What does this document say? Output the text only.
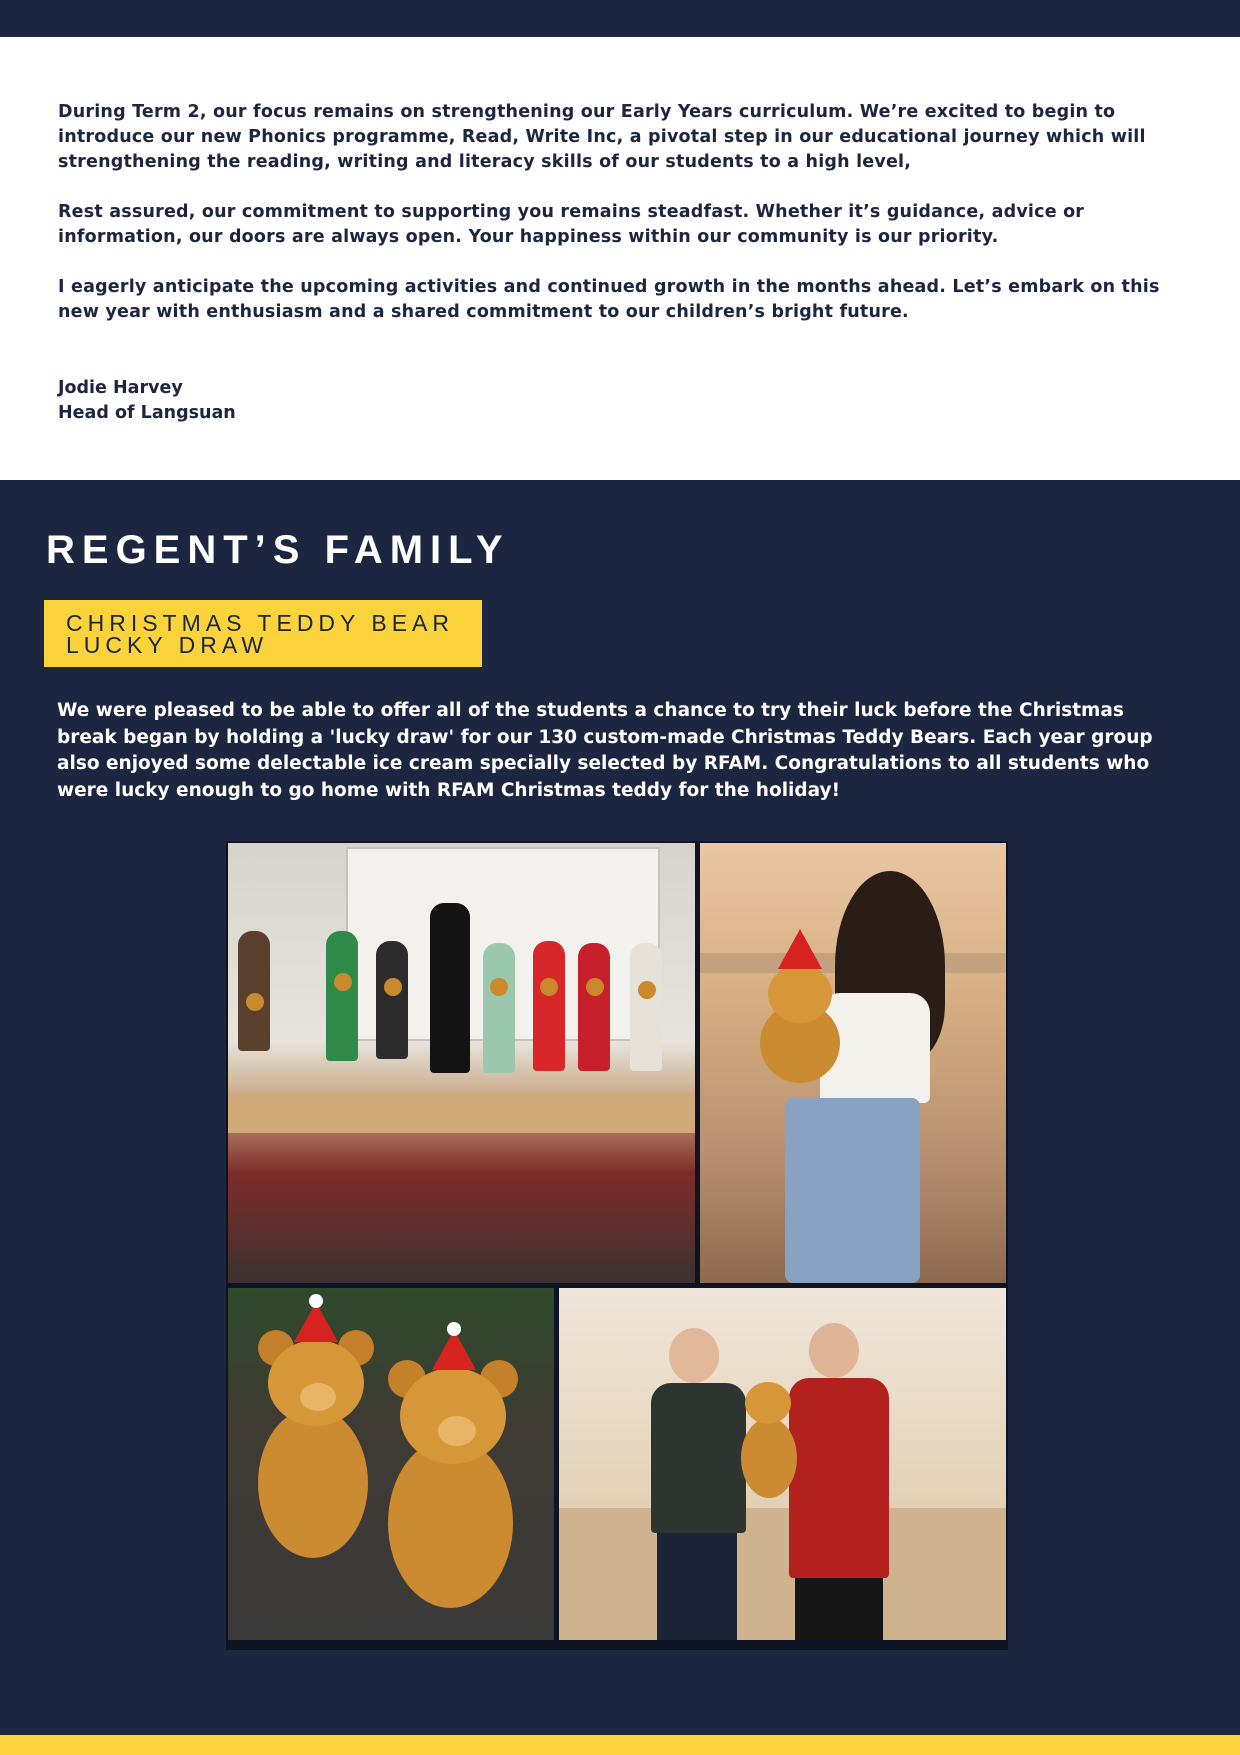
During Term 2, our focus remains on strengthening our Early Years curriculum. We’re excited to begin to introduce our new Phonics programme, Read, Write Inc, a pivotal step in our educational journey which will strengthening the reading, writing and literacy skills of our students to a high level,

Rest assured, our commitment to supporting you remains steadfast. Whether it’s guidance, advice or information, our doors are always open. Your happiness within our community is our priority.

I eagerly anticipate the upcoming activities and continued growth in the months ahead. Let’s embark on this new year with enthusiasm and a shared commitment to our children’s bright future.

Jodie Harvey
Head of Langsuan
REGENT’S FAMILY
CHRISTMAS TEDDY BEAR
LUCKY DRAW
We were pleased to be able to offer all of the students a chance to try their luck before the Christmas break began by holding a 'lucky draw' for our 130 custom-made Christmas Teddy Bears. Each year group also enjoyed some delectable ice cream specially selected by RFAM. Congratulations to all students who were lucky enough to go home with RFAM Christmas teddy for the holiday!
